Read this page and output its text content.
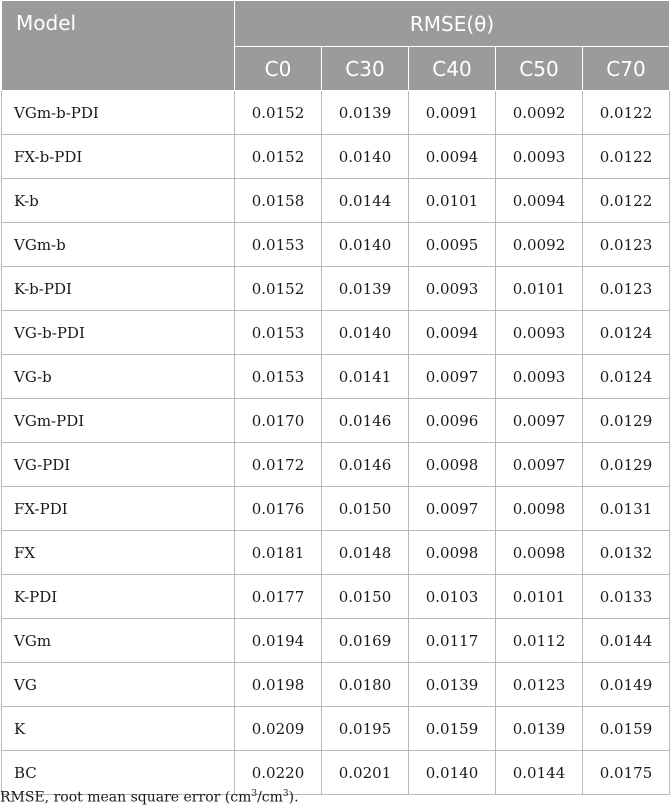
Model	RMSE(θ)				
	C0	C30	C40	C50	C70
VGm-b-PDI	0.0152	0.0139	0.0091	0.0092	0.0122
FX-b-PDI	0.0152	0.0140	0.0094	0.0093	0.0122
K-b	0.0158	0.0144	0.0101	0.0094	0.0122
VGm-b	0.0153	0.0140	0.0095	0.0092	0.0123
K-b-PDI	0.0152	0.0139	0.0093	0.0101	0.0123
VG-b-PDI	0.0153	0.0140	0.0094	0.0093	0.0124
VG-b	0.0153	0.0141	0.0097	0.0093	0.0124
VGm-PDI	0.0170	0.0146	0.0096	0.0097	0.0129
VG-PDI	0.0172	0.0146	0.0098	0.0097	0.0129
FX-PDI	0.0176	0.0150	0.0097	0.0098	0.0131
FX	0.0181	0.0148	0.0098	0.0098	0.0132
K-PDI	0.0177	0.0150	0.0103	0.0101	0.0133
VGm	0.0194	0.0169	0.0117	0.0112	0.0144
VG	0.0198	0.0180	0.0139	0.0123	0.0149
K	0.0209	0.0195	0.0159	0.0139	0.0159
BC	0.0220	0.0201	0.0140	0.0144	0.0175
RMSE, root mean square error $(cm^3/cm^3)$.
